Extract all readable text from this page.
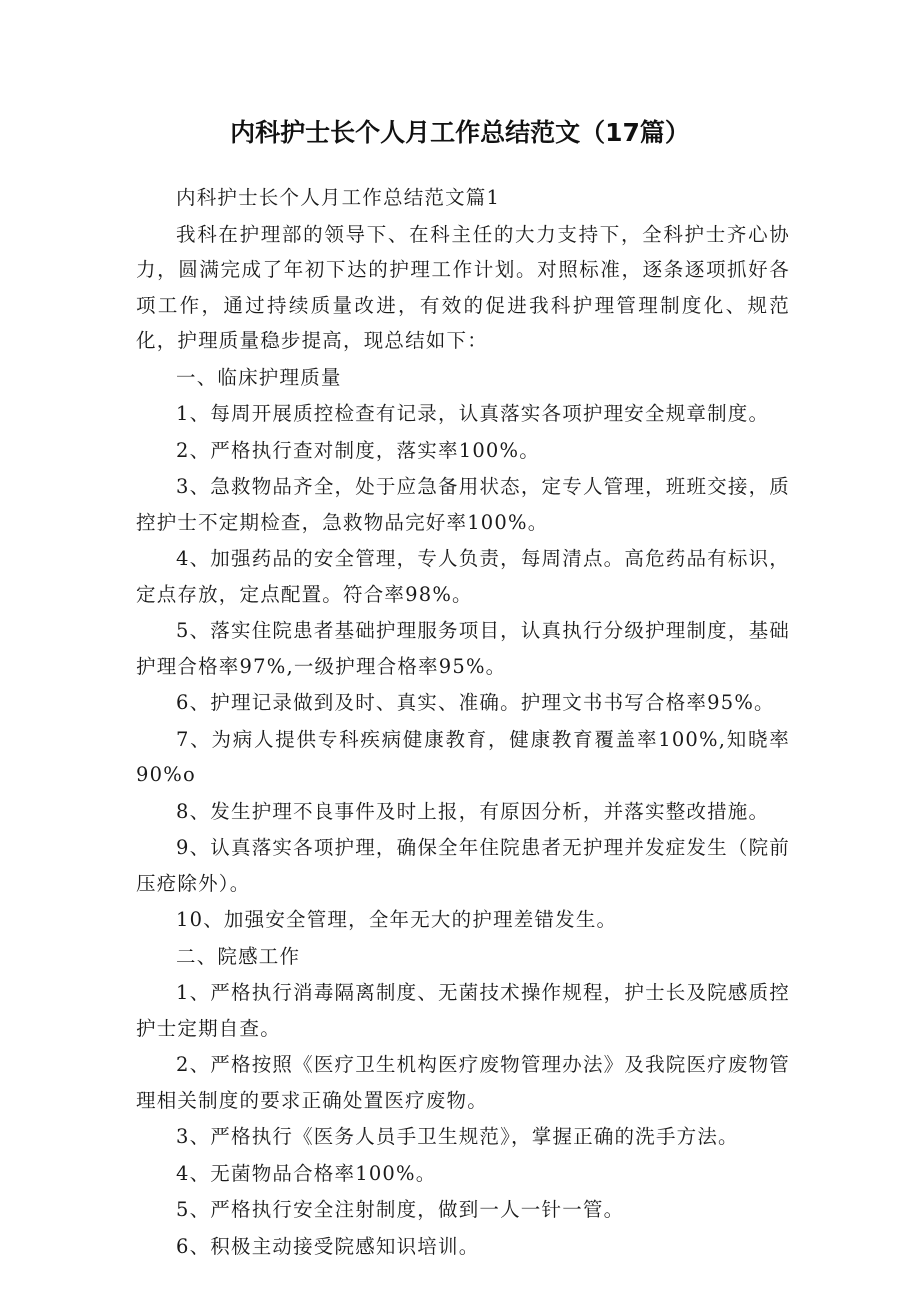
内科护士长个人月工作总结范文（17篇）

内科护士长个人月工作总结范文篇1

我科在护理部的领导下、在科主任的大力支持下，全科护士齐心协力，圆满完成了年初下达的护理工作计划。对照标准，逐条逐项抓好各项工作，通过持续质量改进，有效的促进我科护理管理制度化、规范化，护理质量稳步提高，现总结如下：

一、临床护理质量

1、每周开展质控检查有记录，认真落实各项护理安全规章制度。

2、严格执行查对制度，落实率100%。

3、急救物品齐全，处于应急备用状态，定专人管理，班班交接，质控护士不定期检查，急救物品完好率100%。

4、加强药品的安全管理，专人负责，每周清点。高危药品有标识，定点存放，定点配置。符合率98%。

5、落实住院患者基础护理服务项目，认真执行分级护理制度，基础护理合格率97%,一级护理合格率95%。

6、护理记录做到及时、真实、准确。护理文书书写合格率95%。

7、为病人提供专科疾病健康教育，健康教育覆盖率100%,知晓率90%o

8、发生护理不良事件及时上报，有原因分析，并落实整改措施。

9、认真落实各项护理，确保全年住院患者无护理并发症发生（院前压疮除外）。

10、加强安全管理，全年无大的护理差错发生。

二、院感工作

1、严格执行消毒隔离制度、无菌技术操作规程，护士长及院感质控护士定期自查。

2、严格按照《医疗卫生机构医疗废物管理办法》及我院医疗废物管理相关制度的要求正确处置医疗废物。

3、严格执行《医务人员手卫生规范》，掌握正确的洗手方法。

4、无菌物品合格率100%。

5、严格执行安全注射制度，做到一人一针一管。

6、积极主动接受院感知识培训。
